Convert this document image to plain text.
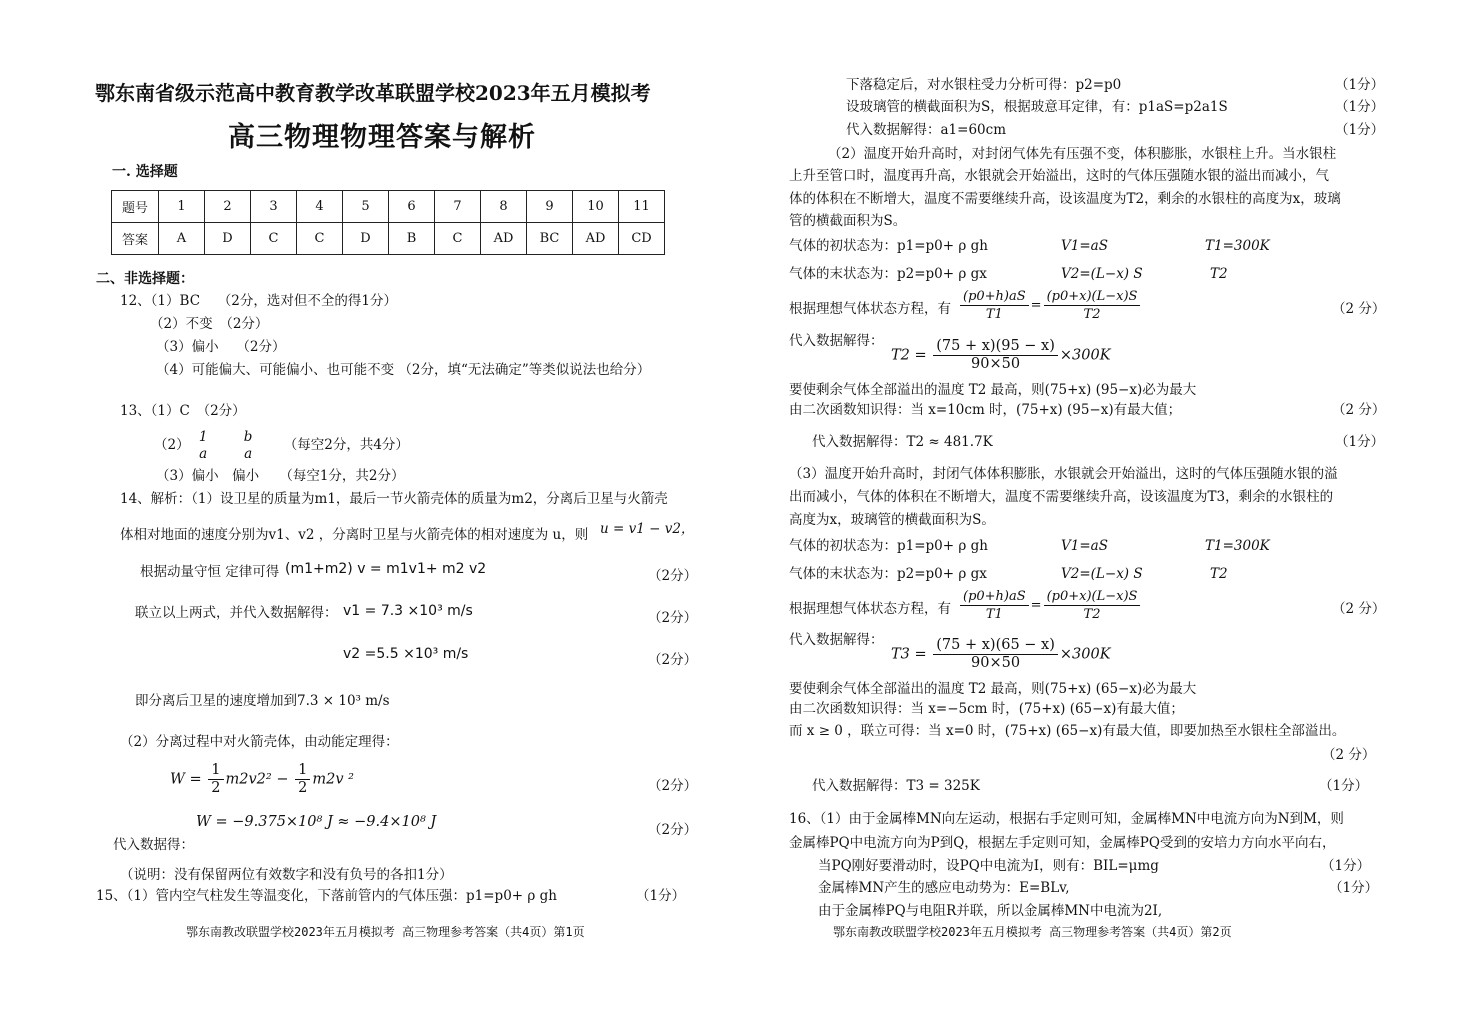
鄂东南省级示范高中教育教学改革联盟学校2023年五月模拟考
高三物理物理答案与解析
一. 选择题
题号	1	2	3	4	5	6	7	8	9	10	11
答案	A	D	C	C	D	B	C	AD	BC	AD	CD
二、非选择题：
12、（1）BC　 （2分，选对但不全的得1分）
（2）不变　（2分）
（3）偏小　 （2分）
（4）可能偏大、可能偏小、也可能不变 （2分，填“无法确定”等类似说法也给分）
13、（1）C　（2分）
（2）
1
a

b
a
（每空2分，共4分）
（3）偏小　偏小　　（每空1分，共2分）
14、解析：（1）设卫星的质量为m1，最后一节火箭壳体的质量为m2，分离后卫星与火箭壳
体相对地面的速度分别为v1、v2 ，分离时卫星与火箭壳体的相对速度为 u，则 u = v1 − v2，
根据动量守恒 定律可得 (m1+m2) v = m1v1+ m2 v2	（2分）
联立以上两式，并代入数据解得： v1 = 7.3 ×10³ m/s	（2分）
v2 =5.5 ×10³ m/s	（2分）
即分离后卫星的速度增加到7.3 × 10³ m/s
（2）分离过程中对火箭壳体，由动能定理得：
$W = \frac{1}{2} m2v2^2 - \frac{1}{2} m2v$ ²	（2分）
W = −9.375×10⁸ J ≈ −9.4×10⁸ J	（2分）
代入数据得：
（说明：没有保留两位有效数字和没有负号的各扣1分）
15、（1）管内空气柱发生等温变化，下落前管内的气体压强：p1=p0+ ρ gh	（1分）
鄂东南教改联盟学校2023年五月模拟考 高三物理参考答案（共4页）第1页
下落稳定后，对水银柱受力分析可得：p2=p0	（1分）
设玻璃管的横截面积为S，根据玻意耳定律，有：p1aS=p2a1S	（1分）
代入数据解得：a1=60cm	（1分）
（2）温度开始升高时，对封闭气体先有压强不变，体积膨胀，水银柱上升。当水银柱
上升至管口时，温度再升高，水银就会开始溢出，这时的气体压强随水银的溢出而减小，气
体的体积在不断增大，温度不需要继续升高，设该温度为T2，剩余的水银柱的高度为x，玻璃
管的横截面积为S。
气体的初状态为：p1=p0+ ρ gh	V1=aS	T1=300K
气体的末状态为：p2=p0+ ρ gx	V2=(L−x) S	T2
根据理想气体状态方程，有 $\frac{(p0+h)aS}{T1} = \frac{(p0+x)(L-x)S}{T2}$	（2 分）
代入数据解得：
$T2 = \frac{(75 + x)(95 - x)}{90\times 50} \times 300K$
要使剩余气体全部溢出的温度 T2 最高，则(75+x) (95−x)必为最大
由二次函数知识得：当 x=10cm 时，(75+x) (95−x)有最大值；	（2 分）
代入数据解得：T2 ≈ 481.7K	（1分）
（3）温度开始升高时，封闭气体体积膨胀，水银就会开始溢出，这时的气体压强随水银的溢
出而减小，气体的体积在不断增大，温度不需要继续升高，设该温度为T3，剩余的水银柱的
高度为x，玻璃管的横截面积为S。
气体的初状态为：p1=p0+ ρ gh	V1=aS	T1=300K
气体的末状态为：p2=p0+ ρ gx	V2=(L−x) S	T2
根据理想气体状态方程，有 $\frac{(p0+h)aS}{T1} = \frac{(p0+x)(L-x)S}{T2}$	（2 分）
代入数据解得：
$T3 = \frac{(75 + x)(65 - x)}{90\times 50} \times 300K$
要使剩余气体全部溢出的温度 T2 最高，则(75+x) (65−x)必为最大
由二次函数知识得：当 x=−5cm 时，(75+x) (65−x)有最大值；
而 x ≥ 0 ，联立可得：当 x=0 时，(75+x) (65−x)有最大值，即要加热至水银柱全部溢出。
（2 分）
代入数据解得：T3 = 325K	（1分）
16、（1）由于金属棒MN向左运动，根据右手定则可知，金属棒MN中电流方向为N到M，则
金属棒PQ中电流方向为P到Q，根据左手定则可知，金属棒PQ受到的安培力方向水平向右，
当PQ刚好要滑动时，设PQ中电流为I，则有：BIL=μmg	（1分）
金属棒MN产生的感应电动势为：E=BLv,	（1分）
由于金属棒PQ与电阻R并联，所以金属棒MN中电流为2I,
鄂东南教改联盟学校2023年五月模拟考 高三物理参考答案（共4页）第2页
